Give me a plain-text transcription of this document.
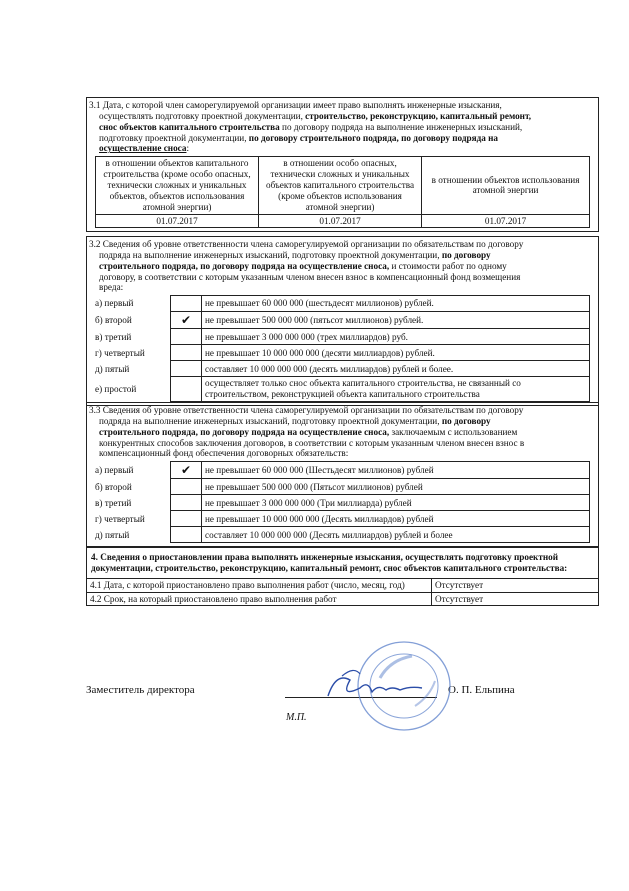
3.1 Дата, с которой член саморегулируемой организации имеет право выполнять инженерные изыскания,
осуществлять подготовку проектной документации, строительство, реконструкцию, капитальный ремонт,
снос объектов капитального строительства по договору подряда на выполнение инженерных изысканий,
подготовку проектной документации, по договору строительного подряда, по договору подряда на
осуществление сноса:
в отношении объектов капитального строительства (кроме особо опасных, технически сложных и уникальных объектов, объектов использования атомной энергии)	в отношении особо опасных, технически сложных и уникальных объектов капитального строительства (кроме объектов использования атомной энергии)	в отношении объектов использования атомной энергии
01.07.2017	01.07.2017	01.07.2017
3.2 Сведения об уровне ответственности члена саморегулируемой организации по обязательствам по договору
подряда на выполнение инженерных изысканий, подготовку проектной документации, по договору
строительного подряда, по договору подряда на осуществление сноса, и стоимости работ по одному
договору, в соответствии с которым указанным членом внесен взнос в компенсационный фонд возмещения
вреда:
а) первый		не превышает 60 000 000 (шестьдесят миллионов) рублей.
б) второй	✔	не превышает 500 000 000 (пятьсот миллионов) рублей.
в) третий		не превышает 3 000 000 000 (трех миллиардов) руб.
г) четвертый		не превышает 10 000 000 000 (десяти миллиардов) рублей.
д) пятый		составляет 10 000 000 000 (десять миллиардов) рублей и более.
е) простой		осуществляет только снос объекта капитального строительства, не связанный со строительством, реконструкцией объекта капитального строительства
3.3 Сведения об уровне ответственности члена саморегулируемой организации по обязательствам по договору
подряда на выполнение инженерных изысканий, подготовку проектной документации, по договору
строительного подряда, по договору подряда на осуществление сноса, заключаемым с использованием
конкурентных способов заключения договоров, в соответствии с которым указанным членом внесен взнос в
компенсационный фонд обеспечения договорных обязательств:
а) первый	✔	не превышает 60 000 000 (Шестьдесят миллионов) рублей
б) второй		не превышает 500 000 000 (Пятьсот миллионов) рублей
в) третий		не превышает 3 000 000 000 (Три миллиарда) рублей
г) четвертый		не превышает 10 000 000 000 (Десять миллиардов) рублей
д) пятый		составляет 10 000 000 000 (Десять миллиардов) рублей и более
4. Сведения о приостановлении права выполнять инженерные изыскания, осуществлять подготовку проектной документации, строительство, реконструкцию, капитальный ремонт, снос объектов капитального строительства:
4.1 Дата, с которой приостановлено право выполнения работ (число, месяц, год)	Отсутствует
4.2 Срок, на который приостановлено право выполнения работ	Отсутствует
Заместитель директора	О. П. Ельпина
М.П.
